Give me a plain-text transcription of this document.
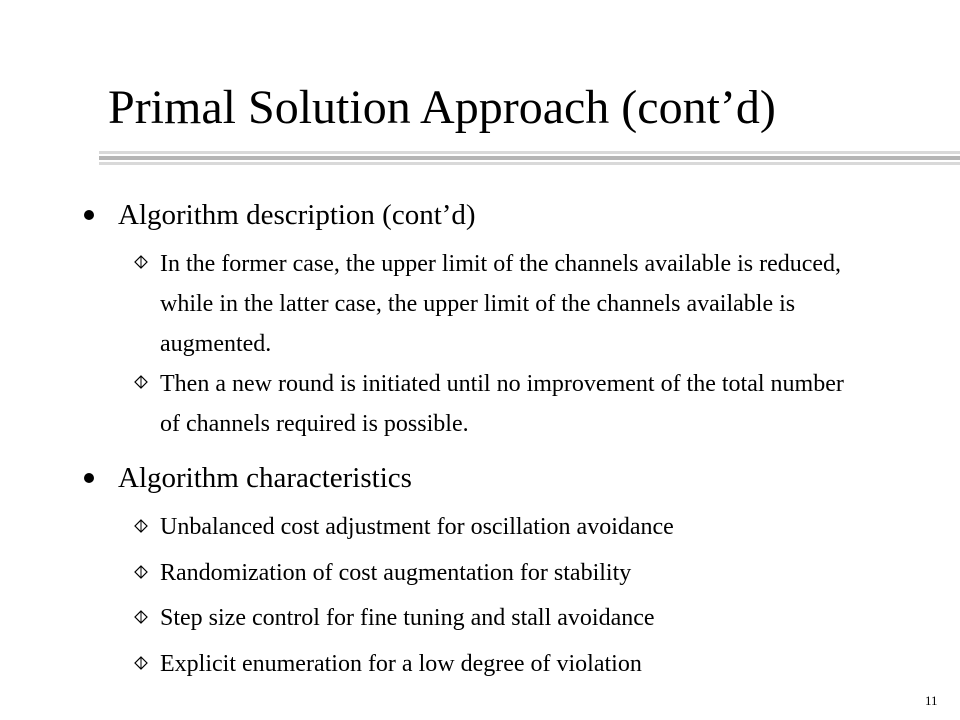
Primal Solution Approach (cont’d)
Algorithm description (cont’d)
In the former case, the upper limit of the channels available is reduced, while in the latter case, the upper limit of the channels available is augmented.
Then a new round is initiated until no improvement of the total number of channels required is possible.
Algorithm characteristics
Unbalanced cost adjustment for oscillation avoidance
Randomization of cost augmentation for stability
Step size control for fine tuning and stall avoidance
Explicit enumeration for a low degree of violation
11
